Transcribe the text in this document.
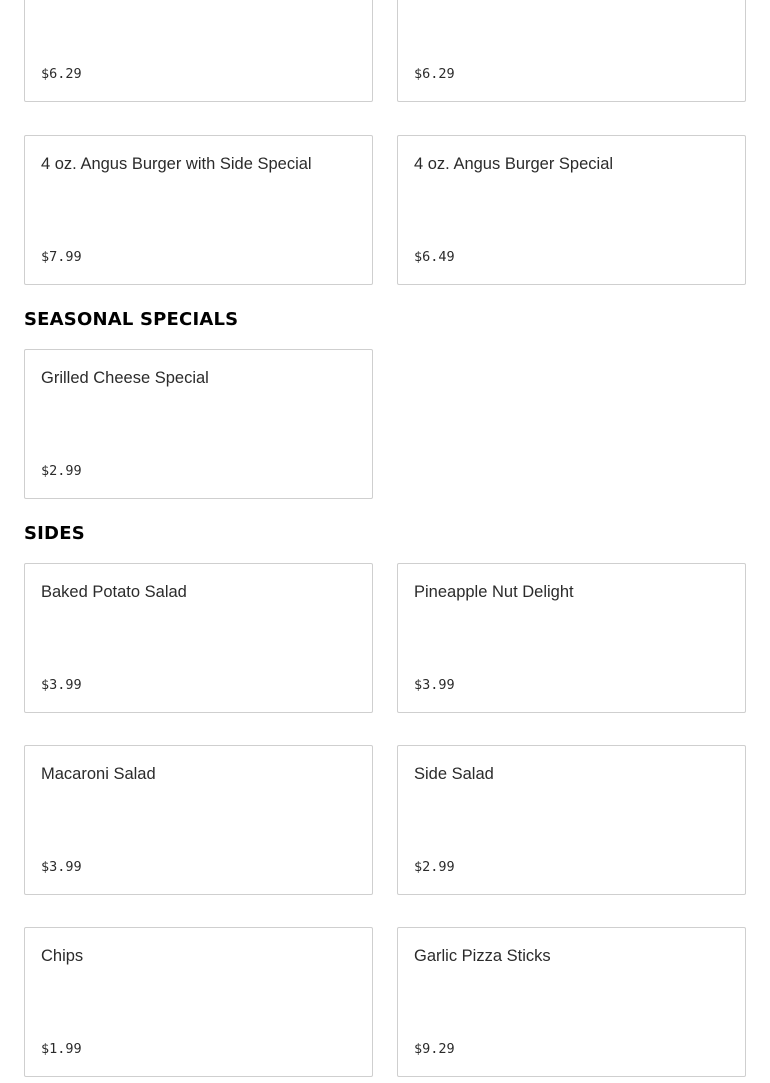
$6.29	$6.29
4 oz. Angus Burger with Side Special
$7.99
4 oz. Angus Burger Special
$6.49
SEASONAL SPECIALS
Grilled Cheese Special
$2.99
SIDES
Baked Potato Salad
$3.99
Pineapple Nut Delight
$3.99
Macaroni Salad
$3.99
Side Salad
$2.99
Chips
$1.99
Garlic Pizza Sticks
$9.29
